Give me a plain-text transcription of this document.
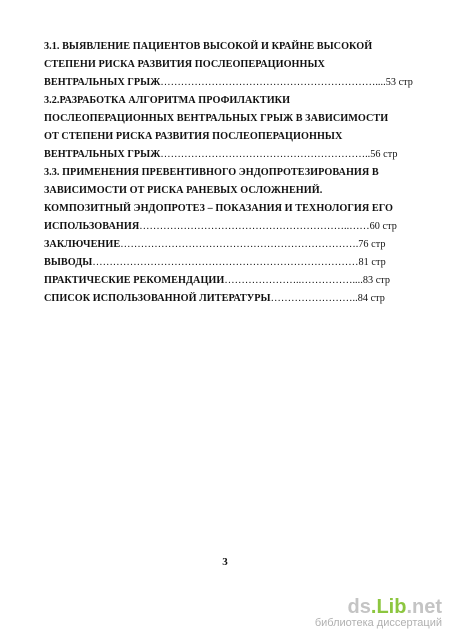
3.1. ВЫЯВЛЕНИЕ ПАЦИЕНТОВ ВЫСОКОЙ И КРАЙНЕ ВЫСОКОЙ
СТЕПЕНИ РИСКА РАЗВИТИЯ ПОСЛЕОПЕРАЦИОННЫХ
ВЕНТРАЛЬНЫХ ГРЫЖ………………………………………………………....53 стр
3.2.РАЗРАБОТКА АЛГОРИТМА ПРОФИЛАКТИКИ
ПОСЛЕОПЕРАЦИОННЫХ ВЕНТРАЛЬНЫХ ГРЫЖ В ЗАВИСИМОСТИ
ОТ СТЕПЕНИ РИСКА РАЗВИТИЯ ПОСЛЕОПЕРАЦИОННЫХ
ВЕНТРАЛЬНЫХ ГРЫЖ……………………………………………………..56 стр
3.3. ПРИМЕНЕНИЯ ПРЕВЕНТИВНОГО ЭНДОПРОТЕЗИРОВАНИЯ В
ЗАВИСИМОСТИ ОТ РИСКА РАНЕВЫХ ОСЛОЖНЕНИЙ.
КОМПОЗИТНЫЙ ЭНДОПРОТЕЗ – ПОКАЗАНИЯ И ТЕХНОЛОГИЯ ЕГО
ИСПОЛЬЗОВАНИЯ……………………………………………………..……60 стр
ЗАКЛЮЧЕНИЕ…………………………………………………………….76 стр
ВЫВОДЫ……………………………………………………………………81 стр
ПРАКТИЧЕСКИЕ РЕКОМЕНДАЦИИ…………………..……………....83 стр
СПИСОК ИСПОЛЬЗОВАННОЙ ЛИТЕРАТУРЫ……………………..84 стр
3
ds.Lib.net
библиотека диссертаций
